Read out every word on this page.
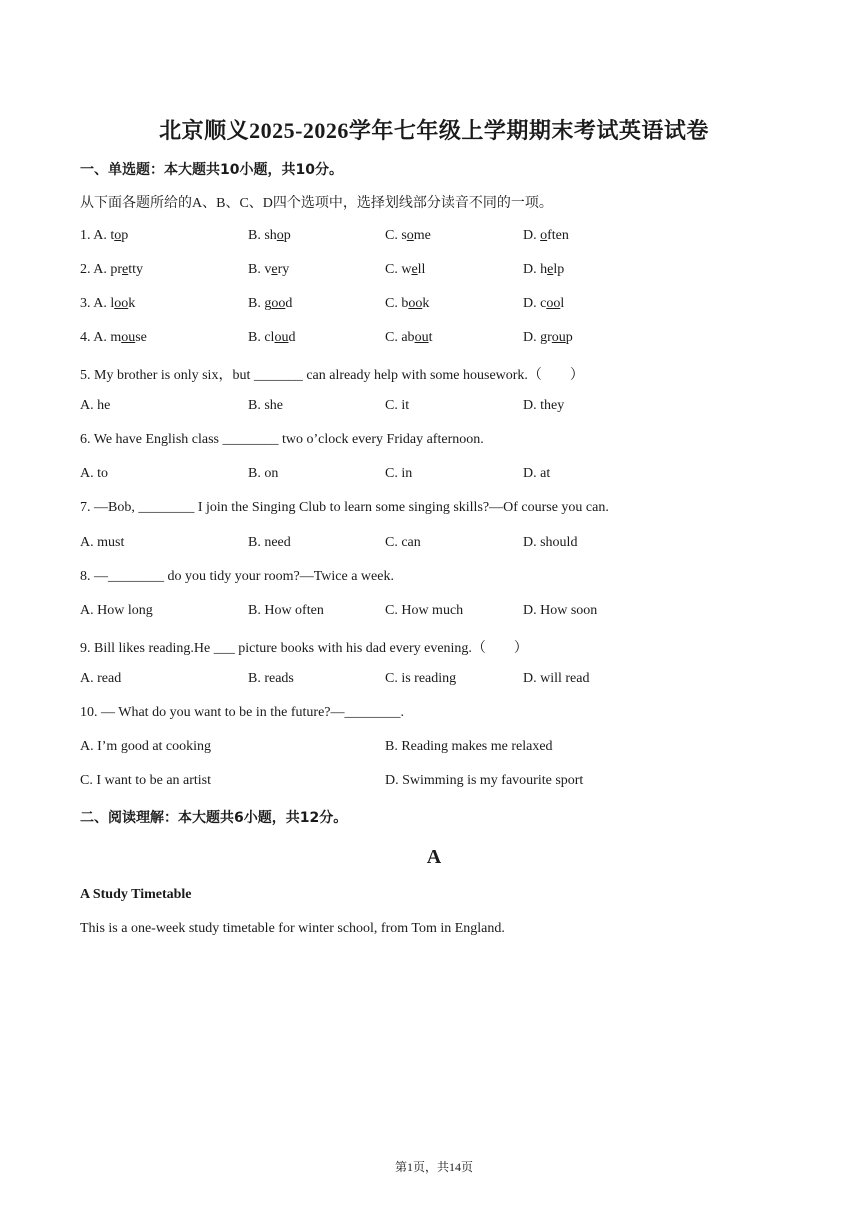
北京顺义2025-2026学年七年级上学期期末考试英语试卷
一、单选题：本大题共10小题，共10分。
从下面各题所给的A、B、C、D四个选项中，选择划线部分读音不同的一项。
1. A. top	B. shop	C. some	D. often
2. A. pretty	B. very	C. well	D. help
3. A. look	B. good	C. book	D. cool
4. A. mouse	B. cloud	C. about	D. group
5. My brother is only six，but _______ can already help with some housework.（　　）
A. he	B. she	C. it	D. they
6. We have English class ________ two o’clock every Friday afternoon.
A. to	B. on	C. in	D. at
7. —Bob, ________ I join the Singing Club to learn some singing skills?—Of course you can.
A. must	B. need	C. can	D. should
8. —________ do you tidy your room?—Twice a week.
A. How long	B. How often	C. How much	D. How soon
9. Bill likes reading.He ___ picture books with his dad every evening.（　　）
A. read	B. reads	C. is reading	D. will read
10. — What do you want to be in the future?—________.
A. I’m good at cooking	B. Reading makes me relaxed
C. I want to be an artist	D. Swimming is my favourite sport
二、阅读理解：本大题共6小题，共12分。
A
A Study Timetable
This is a one-week study timetable for winter school, from Tom in England.
第1页，共14页
